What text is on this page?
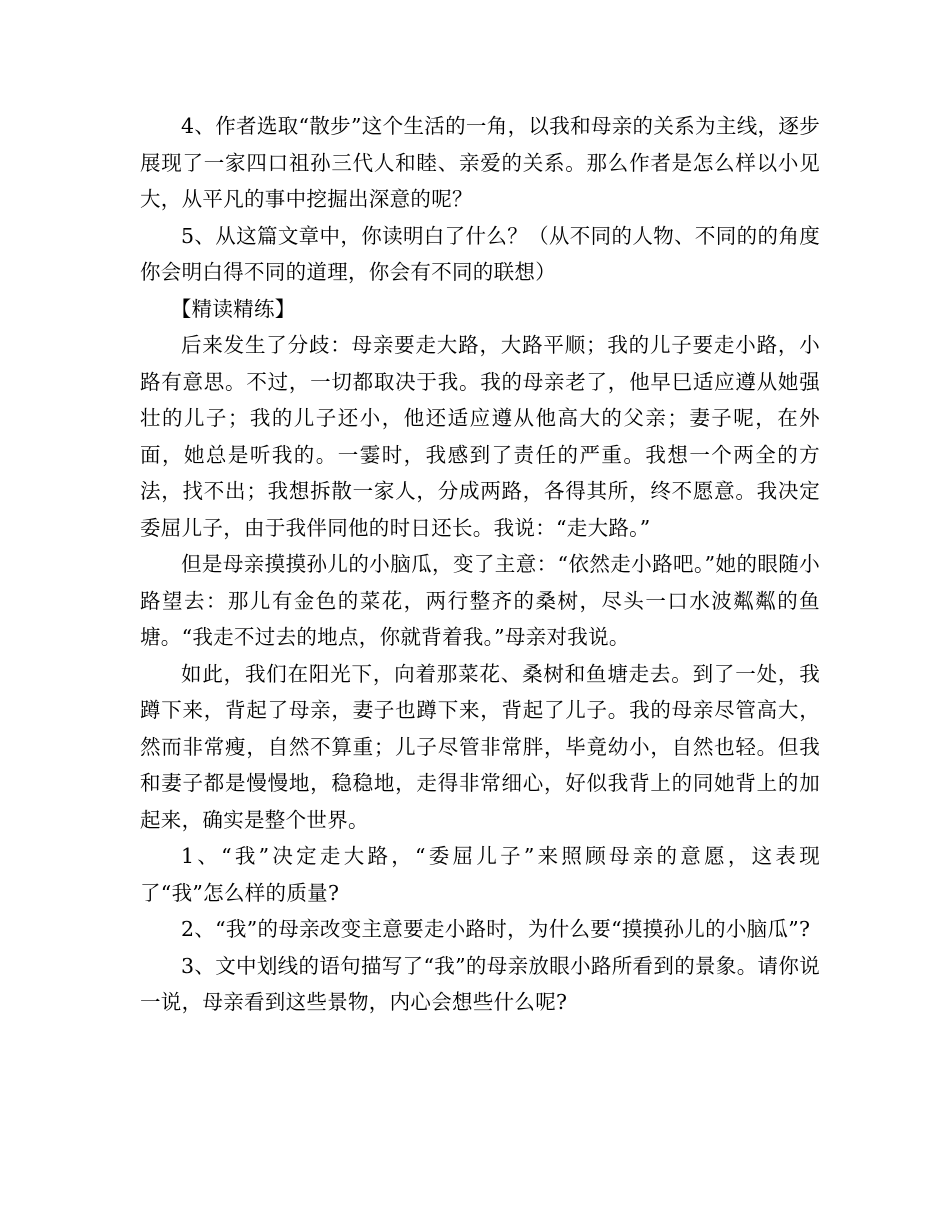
4、作者选取“散步”这个生活的一角，以我和母亲的关系为主线，逐步展现了一家四口祖孙三代人和睦、亲爱的关系。那么作者是怎么样以小见大，从平凡的事中挖掘出深意的呢？

5、从这篇文章中，你读明白了什么？（从不同的人物、不同的的角度你会明白得不同的道理，你会有不同的联想）

【精读精练】

后来发生了分歧：母亲要走大路，大路平顺；我的儿子要走小路，小路有意思。不过，一切都取决于我。我的母亲老了，他早巳适应遵从她强壮的儿子；我的儿子还小，他还适应遵从他高大的父亲；妻子呢，在外面，她总是听我的。一霎时，我感到了责任的严重。我想一个两全的方法，找不出；我想拆散一家人，分成两路，各得其所，终不愿意。我决定委屈儿子，由于我伴同他的时日还长。我说：“走大路。”

但是母亲摸摸孙儿的小脑瓜，变了主意：“依然走小路吧。”她的眼随小路望去：那儿有金色的菜花，两行整齐的桑树，尽头一口水波粼粼的鱼塘。“我走不过去的地点，你就背着我。”母亲对我说。

如此，我们在阳光下，向着那菜花、桑树和鱼塘走去。到了一处，我蹲下来，背起了母亲，妻子也蹲下来，背起了儿子。我的母亲尽管高大，然而非常瘦，自然不算重；儿子尽管非常胖，毕竟幼小，自然也轻。但我和妻子都是慢慢地，稳稳地，走得非常细心，好似我背上的同她背上的加起来，确实是整个世界。

1、“我”决定走大路，“委屈儿子”来照顾母亲的意愿，这表现了“我”怎么样的质量?

2、“我”的母亲改变主意要走小路时，为什么要“摸摸孙儿的小脑瓜”?

3、文中划线的语句描写了“我”的母亲放眼小路所看到的景象。请你说一说，母亲看到这些景物，内心会想些什么呢?
